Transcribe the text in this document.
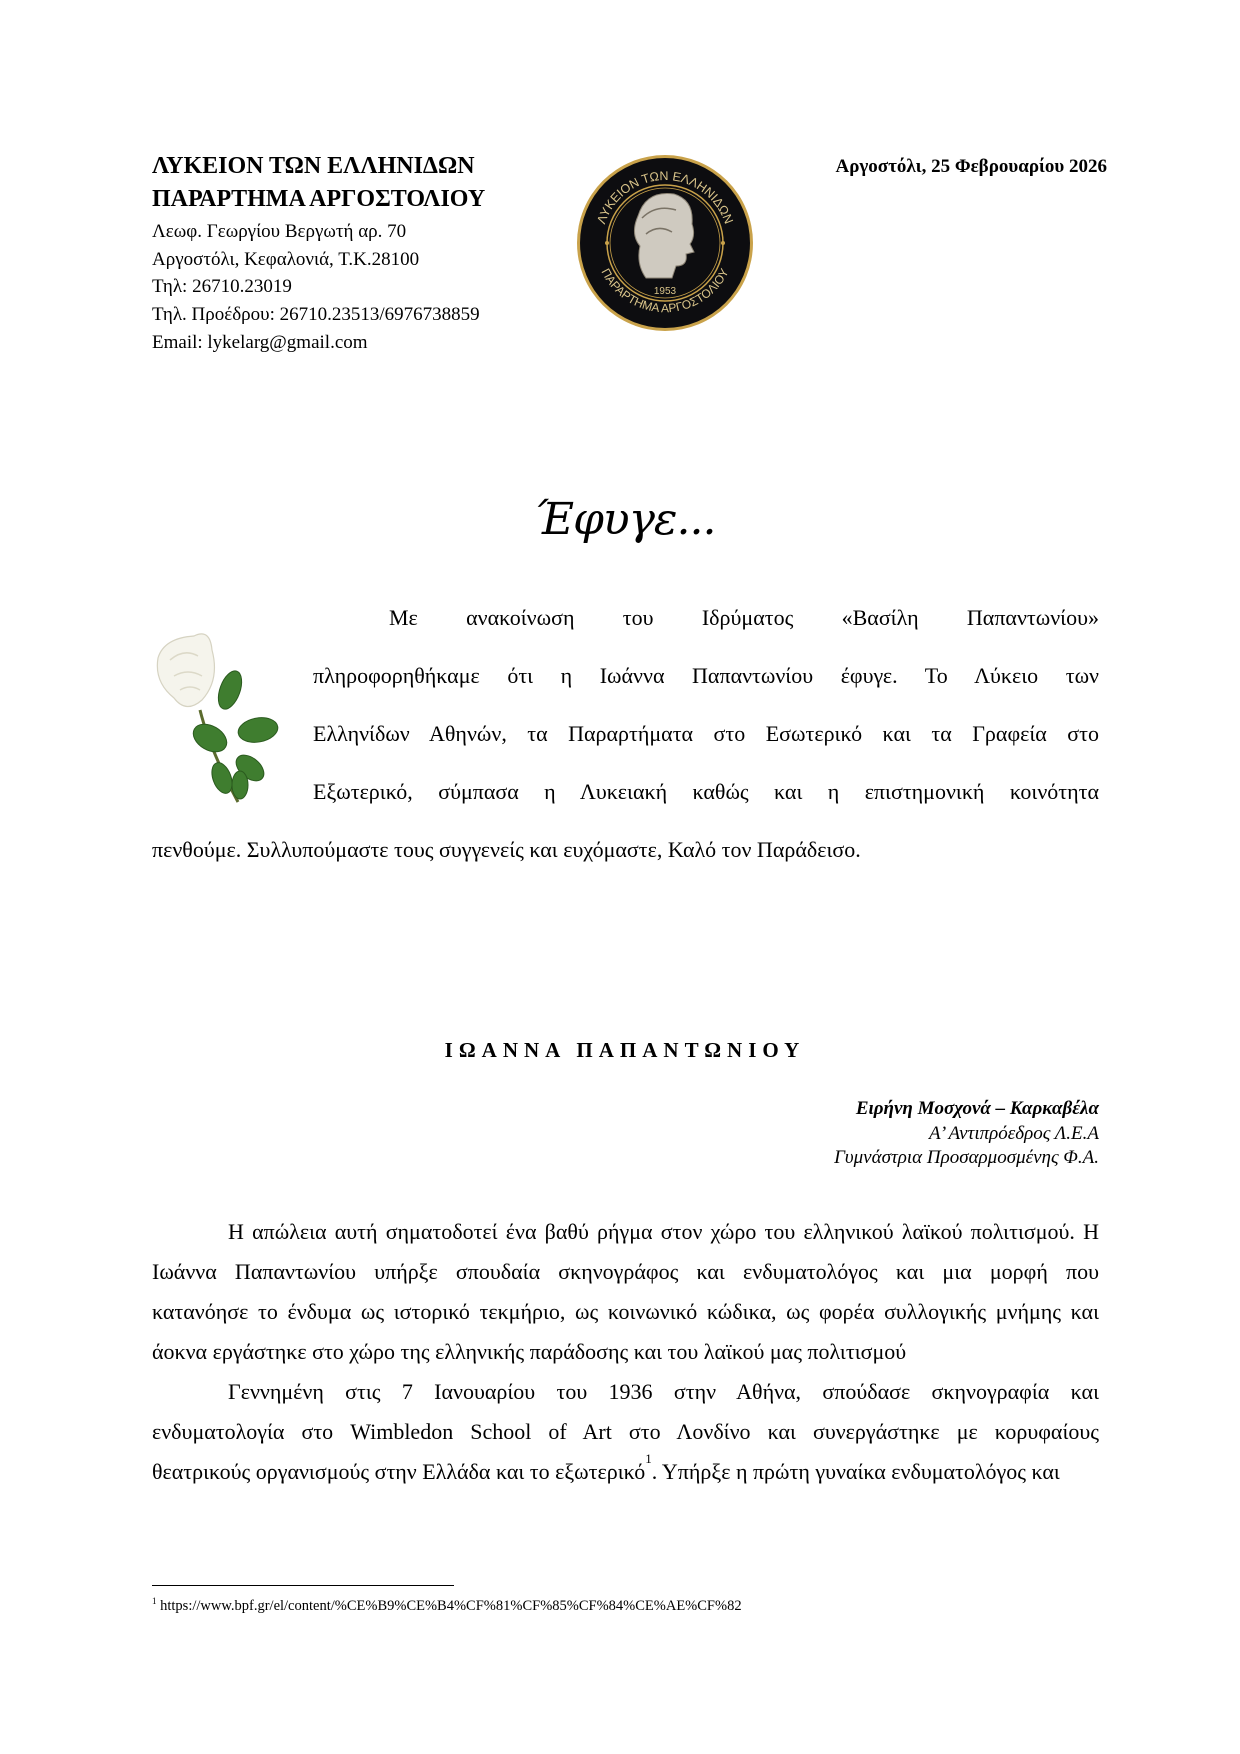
ΛΥΚΕΙΟΝ ΤΩΝ ΕΛΛΗΝΙΔΩΝ
ΠΑΡΑΡΤΗΜΑ ΑΡΓΟΣΤΟΛΙΟΥ
Λεωφ. Γεωργίου Βεργωτή αρ. 70
Αργοστόλι, Κεφαλονιά, Τ.Κ.28100
Τηλ: 26710.23019
Τηλ. Προέδρου: 26710.23513/6976738859
Email: lykelarg@gmail.com
Αργοστόλι, 25 Φεβρουαρίου 2026
ΛΥΚΕΙΟΝ ΤΩΝ ΕΛΛΗΝΙΔΩΝ
ΠΑΡΑΡΤΗΜΑ ΑΡΓΟΣΤΟΛΙΟΥ
1953
Έφυγε...
Με ανακοίνωση του Ιδρύματος «Βασίλη Παπαντωνίου»
πληροφορηθήκαμε ότι η Ιωάννα Παπαντωνίου έφυγε. Το Λύκειο των
Ελληνίδων Αθηνών, τα Παραρτήματα στο Εσωτερικό και τα Γραφεία στο
Εξωτερικό, σύμπασα η Λυκειακή καθώς και η επιστημονική κοινότητα
πενθούμε. Συλλυπούμαστε τους συγγενείς και ευχόμαστε, Καλό τον Παράδεισο.
ΙΩΑΝΝΑ ΠΑΠΑΝΤΩΝΙΟΥ
Ειρήνη Μοσχονά – Καρκαβέλα
Α’ Αντιπρόεδρος Λ.Ε.Α
Γυμνάστρια Προσαρμοσμένης Φ.Α.
Η απώλεια αυτή σηματοδοτεί ένα βαθύ ρήγμα στον χώρο του ελληνικού λαϊκού πολιτισμού. Η
Ιωάννα Παπαντωνίου υπήρξε σπουδαία σκηνογράφος και ενδυματολόγος και μια μορφή που
κατανόησε το ένδυμα ως ιστορικό τεκμήριο, ως κοινωνικό κώδικα, ως φορέα συλλογικής μνήμης και
άοκνα εργάστηκε στο χώρο της ελληνικής παράδοσης και του λαϊκού μας πολιτισμού
Γεννημένη στις 7 Ιανουαρίου του 1936 στην Αθήνα, σπούδασε σκηνογραφία και
ενδυματολογία στο Wimbledon School of Art στο Λονδίνο και συνεργάστηκε με κορυφαίους
θεατρικούς οργανισμούς στην Ελλάδα και το εξωτερικό
1
. Υπήρξε η πρώτη γυναίκα ενδυματολόγος και
$^1$ https://www.bpf.gr/el/content/%CE%B9%CE%B4%CF%81%CF%85%CF%84%CE%AE%CF%82
